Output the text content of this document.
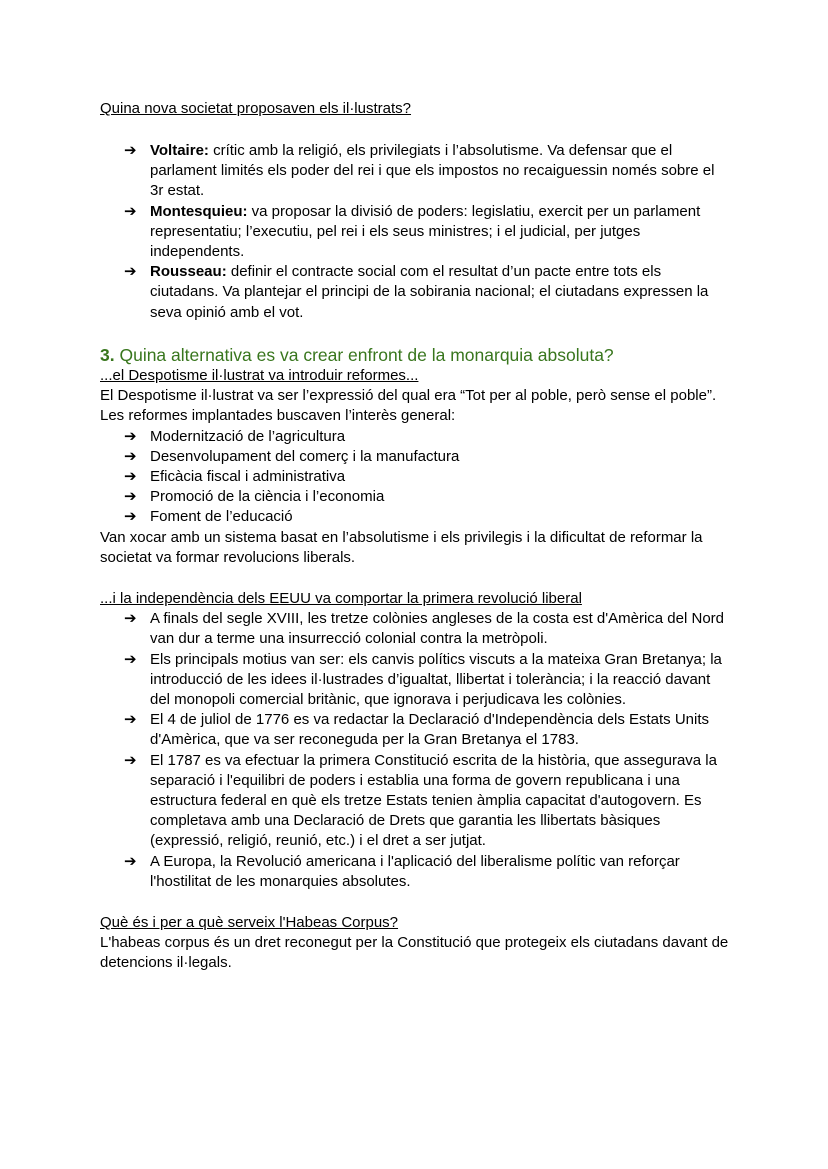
Quina nova societat proposaven els il·lustrats?
➔ Voltaire: crític amb la religió, els privilegiats i l’absolutisme. Va defensar que el parlament limités els poder del rei i que els impostos no recaiguessin només sobre el 3r estat.
➔ Montesquieu: va proposar la divisió de poders: legislatiu, exercit per un parlament representatiu; l’executiu, pel rei i els seus ministres; i el judicial, per jutges independents.
➔ Rousseau: definir el contracte social com el resultat d’un pacte entre tots els ciutadans. Va plantejar el principi de la sobirania nacional; el ciutadans expressen la seva opinió amb el vot.
3. Quina alternativa es va crear enfront de la monarquia absoluta?

...el Despotisme il·lustrat va introduir reformes...

El Despotisme il·lustrat va ser l’expressió del qual era “Tot per al poble, però sense el poble”. Les reformes implantades buscaven l’interès general:

➔ Modernització de l’agricultura
➔ Desenvolupament del comerç i la manufactura
➔ Eficàcia fiscal i administrativa
➔ Promoció de la ciència i l’economia
➔ Foment de l’educació

Van xocar amb un sistema basat en l’absolutisme i els privilegis i la dificultat de reformar la societat va formar revolucions liberals.

...i la independència dels EEUU va comportar la primera revolució liberal

➔ A finals del segle XVIII, les tretze colònies angleses de la costa est d'Amèrica del Nord van dur a terme una insurrecció colonial contra la metròpoli.
➔ Els principals motius van ser: els canvis polítics viscuts a la mateixa Gran Bretanya; la introducció de les idees il·lustrades d’igualtat, llibertat i tolerància; i la reacció davant del monopoli comercial britànic, que ignorava i perjudicava les colònies.
➔ El 4 de juliol de 1776 es va redactar la Declaració d'Independència dels Estats Units d'Amèrica, que va ser reconeguda per la Gran Bretanya el 1783.
➔ El 1787 es va efectuar la primera Constitució escrita de la història, que assegurava la separació i l'equilibri de poders i establia una forma de govern republicana i una estructura federal en què els tretze Estats tenien àmplia capacitat d'autogovern. Es completava amb una Declaració de Drets que garantia les llibertats bàsiques (expressió, religió, reunió, etc.) i el dret a ser jutjat.
➔ A Europa, la Revolució americana i l'aplicació del liberalisme polític van reforçar l'hostilitat de les monarquies absolutes.

Què és i per a què serveix l'Habeas Corpus?

L'habeas corpus és un dret reconegut per la Constitució que protegeix els ciutadans davant de detencions il·legals.
